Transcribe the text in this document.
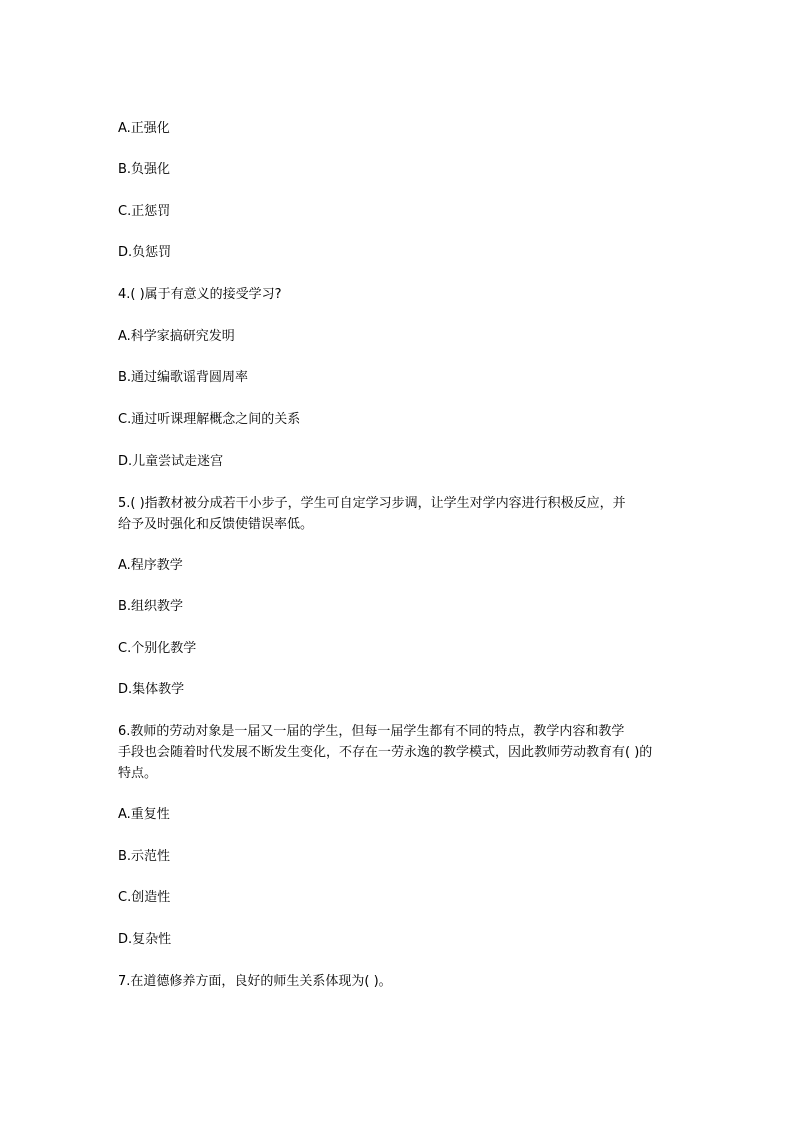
A.正强化
B.负强化
C.正惩罚
D.负惩罚
4.( )属于有意义的接受学习?
A.科学家搞研究发明
B.通过编歌谣背圆周率
C.通过听课理解概念之间的关系
D.儿童尝试走迷宫
5.( )指教材被分成若干小步子，学生可自定学习步调，让学生对学内容进行积极反应，并
给予及时强化和反馈使错误率低。
A.程序教学
B.组织教学
C.个别化教学
D.集体教学
6.教师的劳动对象是一届又一届的学生，但每一届学生都有不同的特点，教学内容和教学
手段也会随着时代发展不断发生变化，不存在一劳永逸的教学模式，因此教师劳动教育有( )的
特点。
A.重复性
B.示范性
C.创造性
D.复杂性
7.在道德修养方面，良好的师生关系体现为( )。
